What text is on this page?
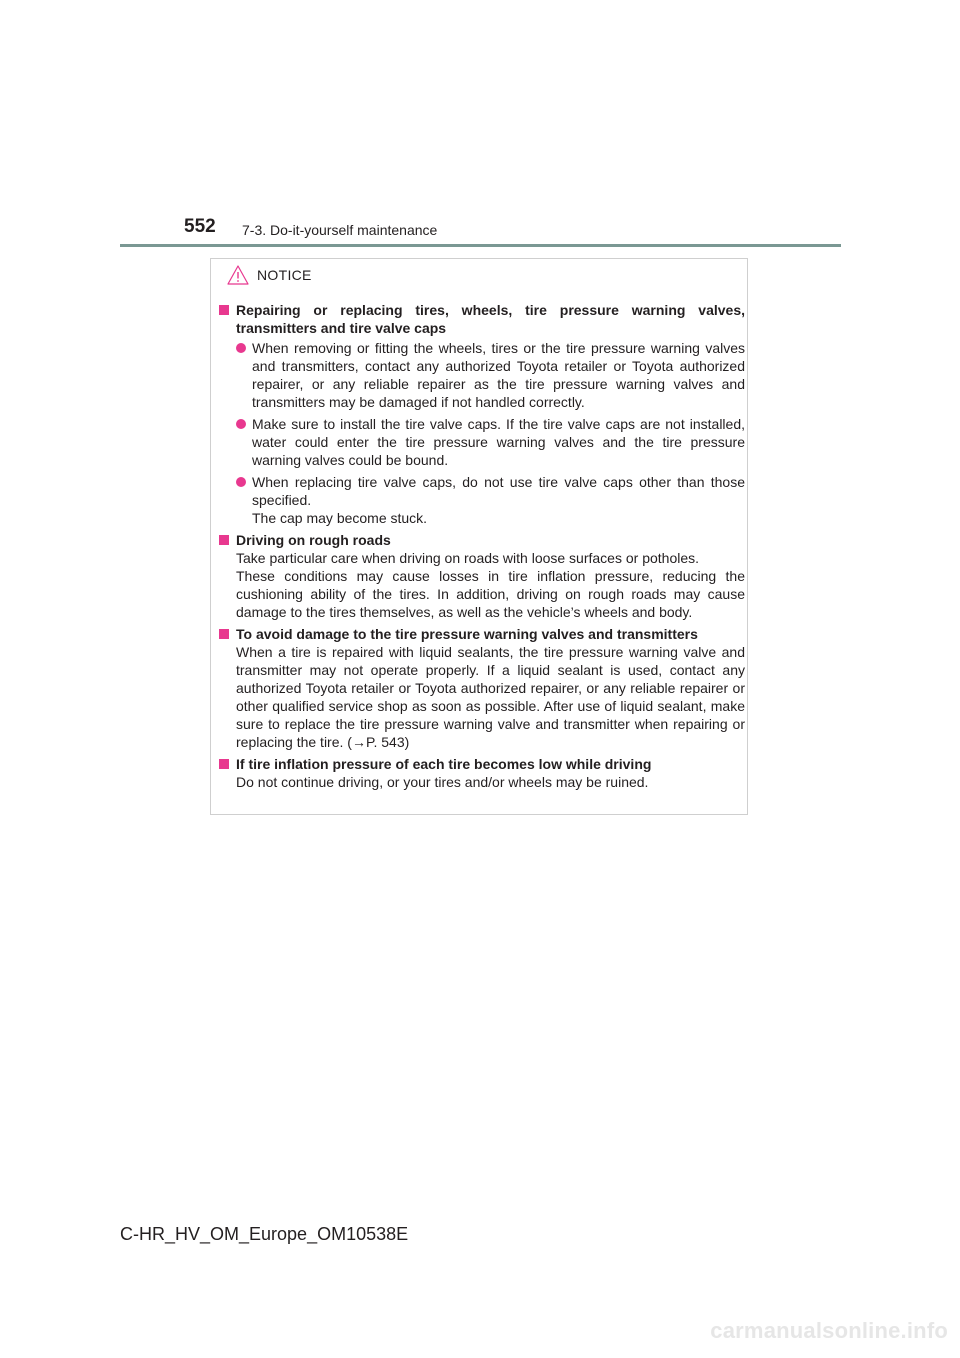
552 7-3. Do-it-yourself maintenance
NOTICE
Repairing or replacing tires, wheels, tire pressure warning valves, transmitters and tire valve caps
When removing or fitting the wheels, tires or the tire pressure warning valves and transmitters, contact any authorized Toyota retailer or Toyota authorized repairer, or any reliable repairer as the tire pressure warning valves and transmitters may be damaged if not handled correctly.
Make sure to install the tire valve caps. If the tire valve caps are not installed, water could enter the tire pressure warning valves and the tire pressure warning valves could be bound.
When replacing tire valve caps, do not use tire valve caps other than those specified.
The cap may become stuck.
Driving on rough roads
Take particular care when driving on roads with loose surfaces or potholes.
These conditions may cause losses in tire inflation pressure, reducing the cushioning ability of the tires. In addition, driving on rough roads may cause damage to the tires themselves, as well as the vehicle’s wheels and body.
To avoid damage to the tire pressure warning valves and transmitters
When a tire is repaired with liquid sealants, the tire pressure warning valve and transmitter may not operate properly. If a liquid sealant is used, contact any authorized Toyota retailer or Toyota authorized repairer, or any reliable repairer or other qualified service shop as soon as possible. After use of liquid sealant, make sure to replace the tire pressure warning valve and transmitter when repairing or replacing the tire. (→P. 543)
If tire inflation pressure of each tire becomes low while driving
Do not continue driving, or your tires and/or wheels may be ruined.
C-HR_HV_OM_Europe_OM10538E
carmanualsonline.info
